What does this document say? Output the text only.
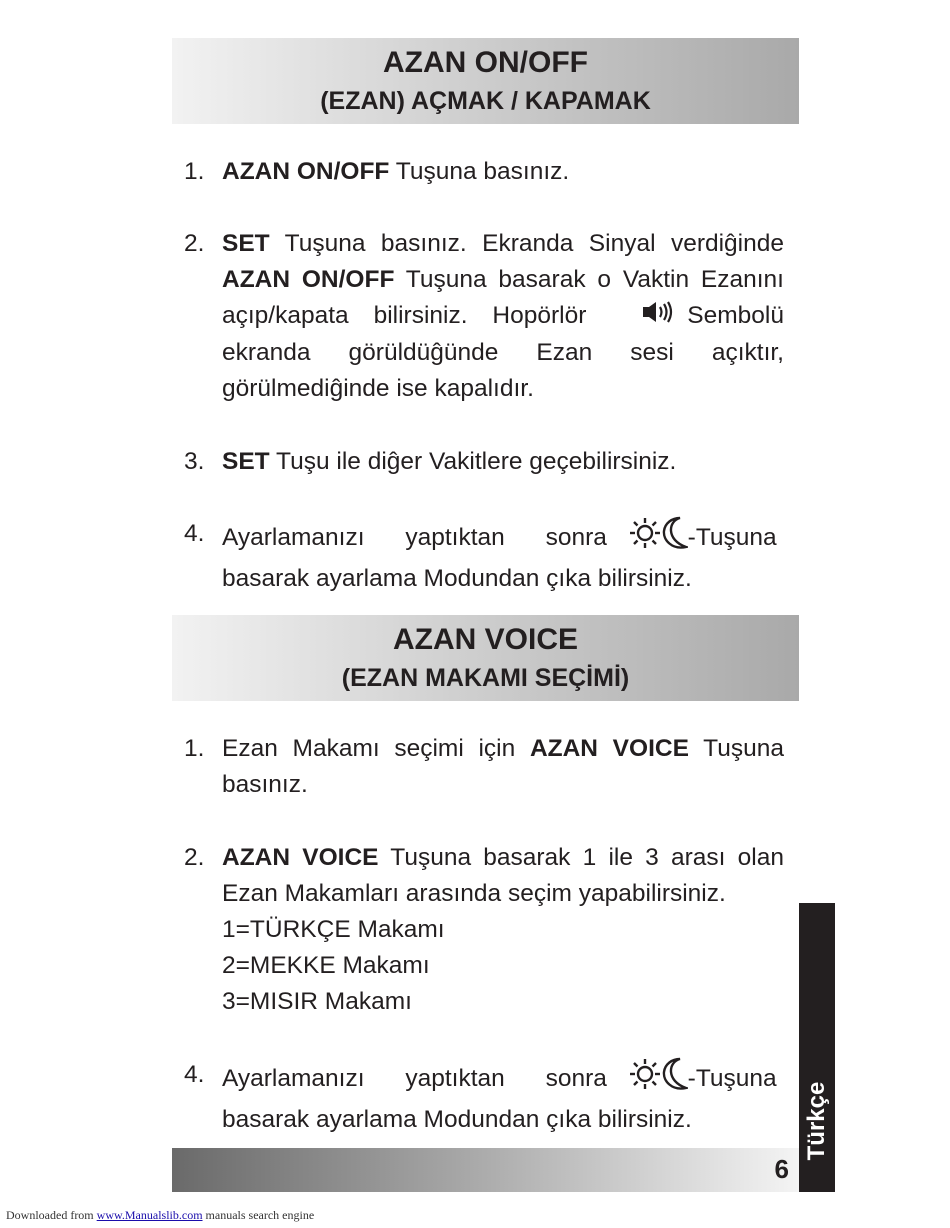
AZAN ON/OFF
(EZAN) AÇMAK / KAPAMAK
1. AZAN ON/OFF Tuşuna basınız.
2. SET Tuşuna basınız. Ekranda Sinyal verdiĝinde AZAN ON/OFF Tuşuna basarak o Vaktin Ezanını açıp/kapata bilirsiniz. Hopörlör	Sembolü ekranda görüldüĝünde Ezan sesi açıktır, görülmediĝinde ise kapalıdır.
3. SET Tuşu ile diĝer Vakitlere geçebilirsiniz.
4. Ayarlamanızı yaptıktan sonra	-Tuşuna basarak ayarlama Modundan çıka bilirsiniz.
AZAN VOICE
(EZAN MAKAMI SEÇİMİ)
1. Ezan Makamı seçimi için AZAN VOICE Tuşuna basınız.
2. AZAN VOICE Tuşuna basarak 1 ile 3 arası olan Ezan Makamları arasında seçim yapabilirsiniz.
1=TÜRKÇE Makamı
2=MEKKE Makamı
3=MISIR Makamı
4. Ayarlamanızı yaptıktan sonra	-Tuşuna basarak ayarlama Modundan çıka bilirsiniz.	Türkçe
6
Downloaded from www.Manualslib.com manuals search engine
